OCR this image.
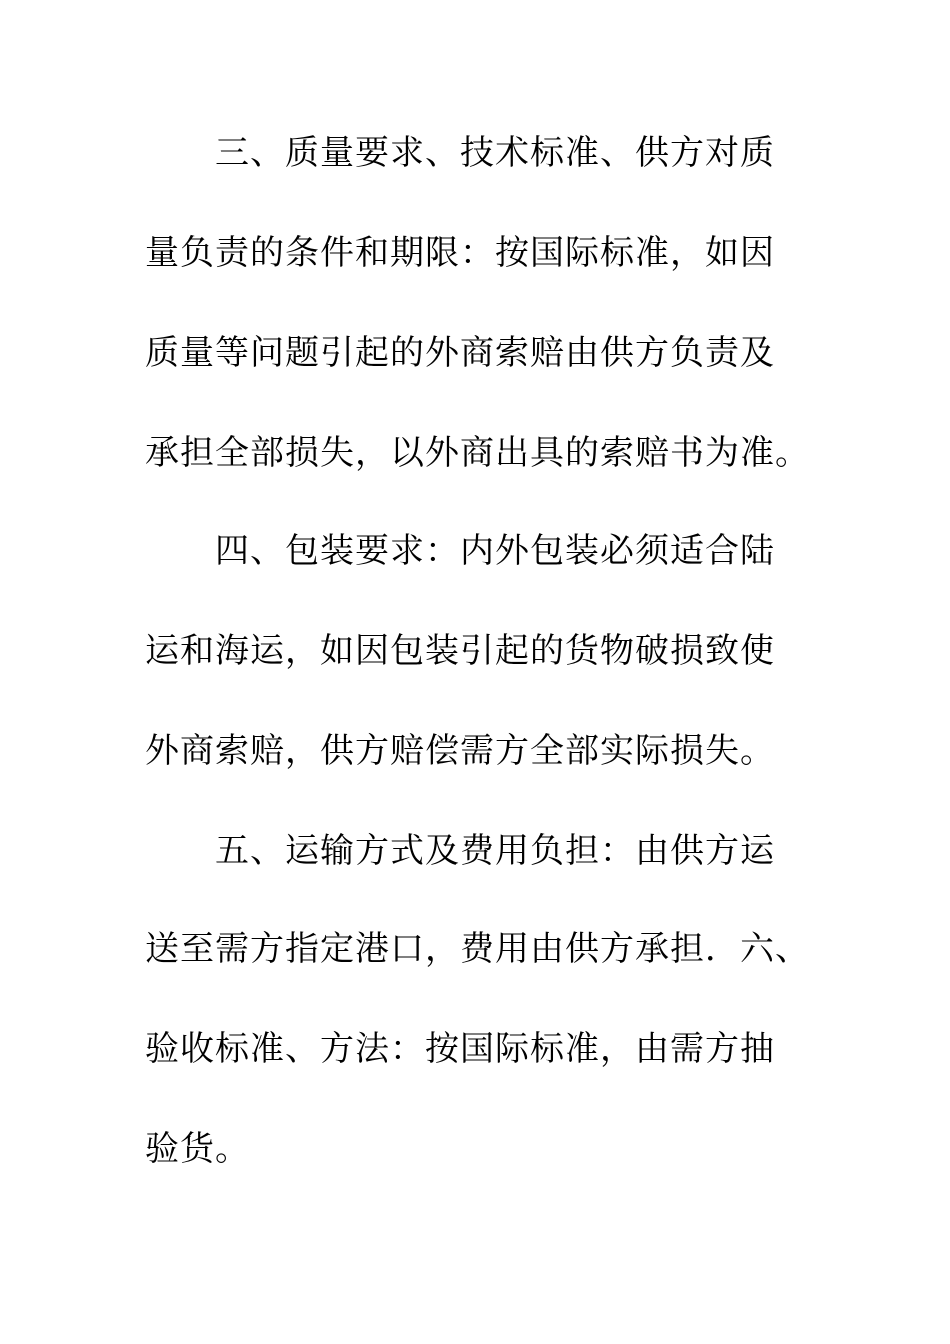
三、质量要求、技术标准、供方对质
量负责的条件和期限：按国际标准，如因
质量等问题引起的外商索赔由供方负责及
承担全部损失，以外商出具的索赔书为准。
四、包装要求：内外包装必须适合陆
运和海运，如因包装引起的货物破损致使
外商索赔，供方赔偿需方全部实际损失。
五、运输方式及费用负担：由供方运
送至需方指定港口，费用由供方承担．六、
验收标准、方法：按国际标准，由需方抽
验货。
